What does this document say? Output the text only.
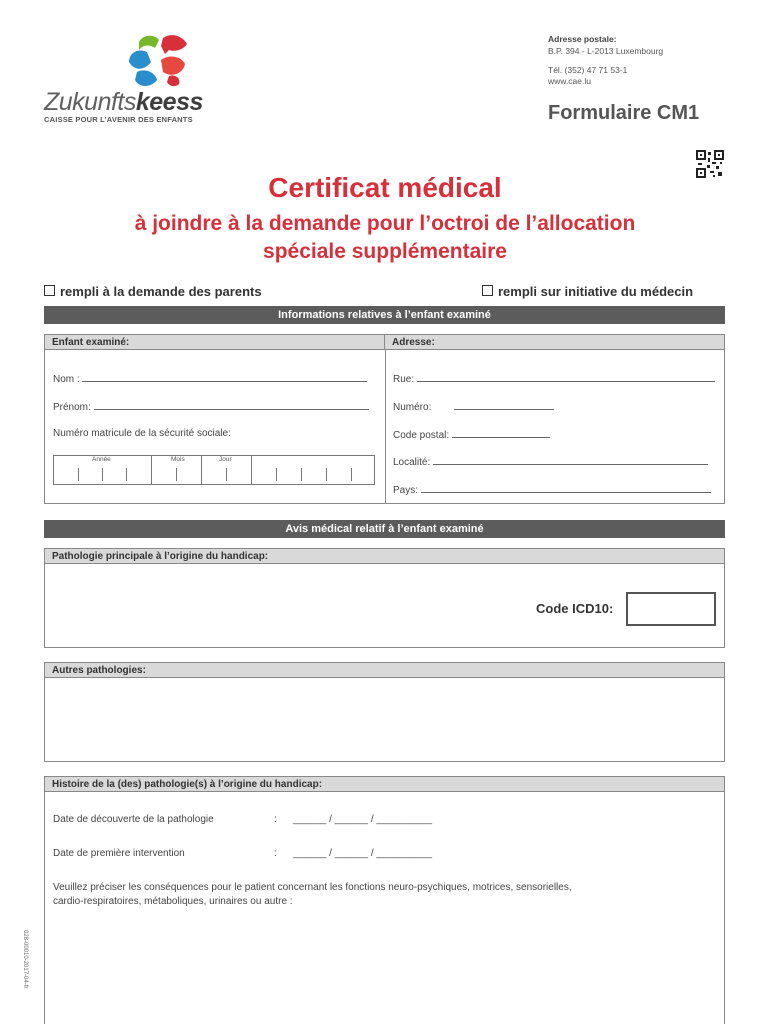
Zukunftskeess
CAISSE POUR L’AVENIR DES ENFANTS
Adresse postale:
B.P. 394 - L-2013 Luxembourg
Tél. (352) 47 71 53-1
www.cae.lu
Formulaire CM1
Certificat médical
à joindre à la demande pour l’octroi de l’allocation
spéciale supplémentaire
rempli à la demande des parents	rempli sur initiative du médecin
Informations relatives à l’enfant examiné
Enfant examiné:	Adresse:
Nom :
Prénom:
Numéro matricule de la sécurité sociale:
Année	Mois	Jour
Rue:
Numéro:
Code postal:
Localité:
Pays:
Avis médical relatif à l’enfant examiné
Pathologie principale à l’origine du handicap:
Code ICD10:
Autres pathologies:
Histoire de la (des) pathologie(s) à l’origine du handicap:
Date de découverte de la pathologie	: ______ / ______ / __________
Date de première intervention	: ______ / ______ / __________
Veuillez préciser les conséquences pour le patient concernant les fonctions neuro-psychiques, motrices, sensorielles,
cardio-respiratoires, métaboliques, urinaires ou autre :
028-00010-2017-04-fr
